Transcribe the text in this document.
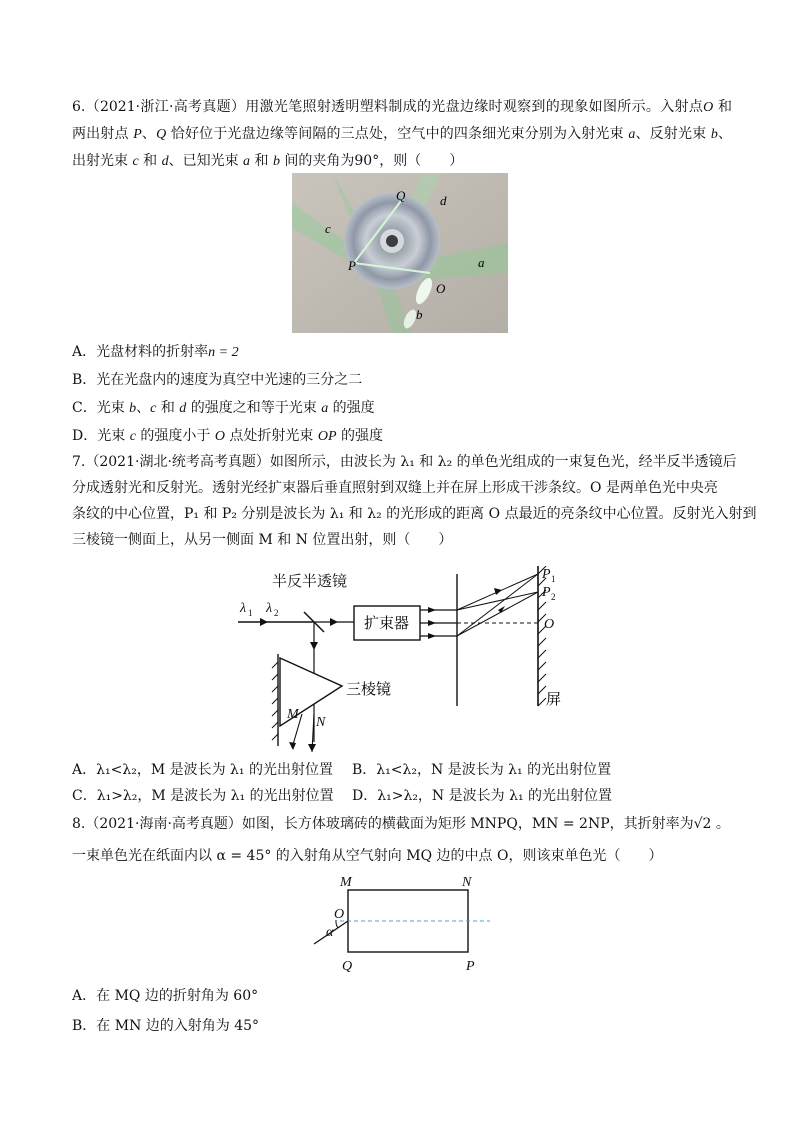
6.（2021·浙江·高考真题）用激光笔照射透明塑料制成的光盘边缘时观察到的现象如图所示。入射点O 和两出射点 P、Q 恰好位于光盘边缘等间隔的三点处，空气中的四条细光束分别为入射光束 a、反射光束 b、出射光束 c 和 d、已知光束 a 和 b 间的夹角为90°，则（　　）
Q	d
c
P	a
O
b
A．光盘材料的折射率n = 2
B．光在光盘内的速度为真空中光速的三分之二
C．光束 b、c 和 d 的强度之和等于光束 a 的强度
D．光束 c 的强度小于 O 点处折射光束 OP 的强度
7.（2021·湖北·统考高考真题）如图所示，由波长为 λ₁ 和 λ₂ 的单色光组成的一束复色光，经半反半透镜后
分成透射光和反射光。透射光经扩束器后垂直照射到双缝上并在屏上形成干涉条纹。O 是两单色光中央亮
条纹的中心位置，P₁ 和 P₂ 分别是波长为 λ₁ 和 λ₂ 的光形成的距离 O 点最近的亮条纹中心位置。反射光入射到
三棱镜一侧面上，从另一侧面 M 和 N 位置出射，则（　　）
半反半透镜
λ 1 λ 2
扩束器
P 1
P 2
O
屏
M
N
三棱镜
A．λ₁<λ₂，M 是波长为 λ₁ 的光出射位置 B．λ₁<λ₂，N 是波长为 λ₁ 的光出射位置
C．λ₁>λ₂，M 是波长为 λ₁ 的光出射位置 D．λ₁>λ₂，N 是波长为 λ₁ 的光出射位置
8.（2021·海南·高考真题）如图，长方体玻璃砖的横截面为矩形 MNPQ，MN = 2NP，其折射率为√2 。
一束单色光在纸面内以 α = 45° 的入射角从空气射向 MQ 边的中点 O，则该束单色光（　　）
M	N
O
α
Q	P
A．在 MQ 边的折射角为 60°
B．在 MN 边的入射角为 45°
